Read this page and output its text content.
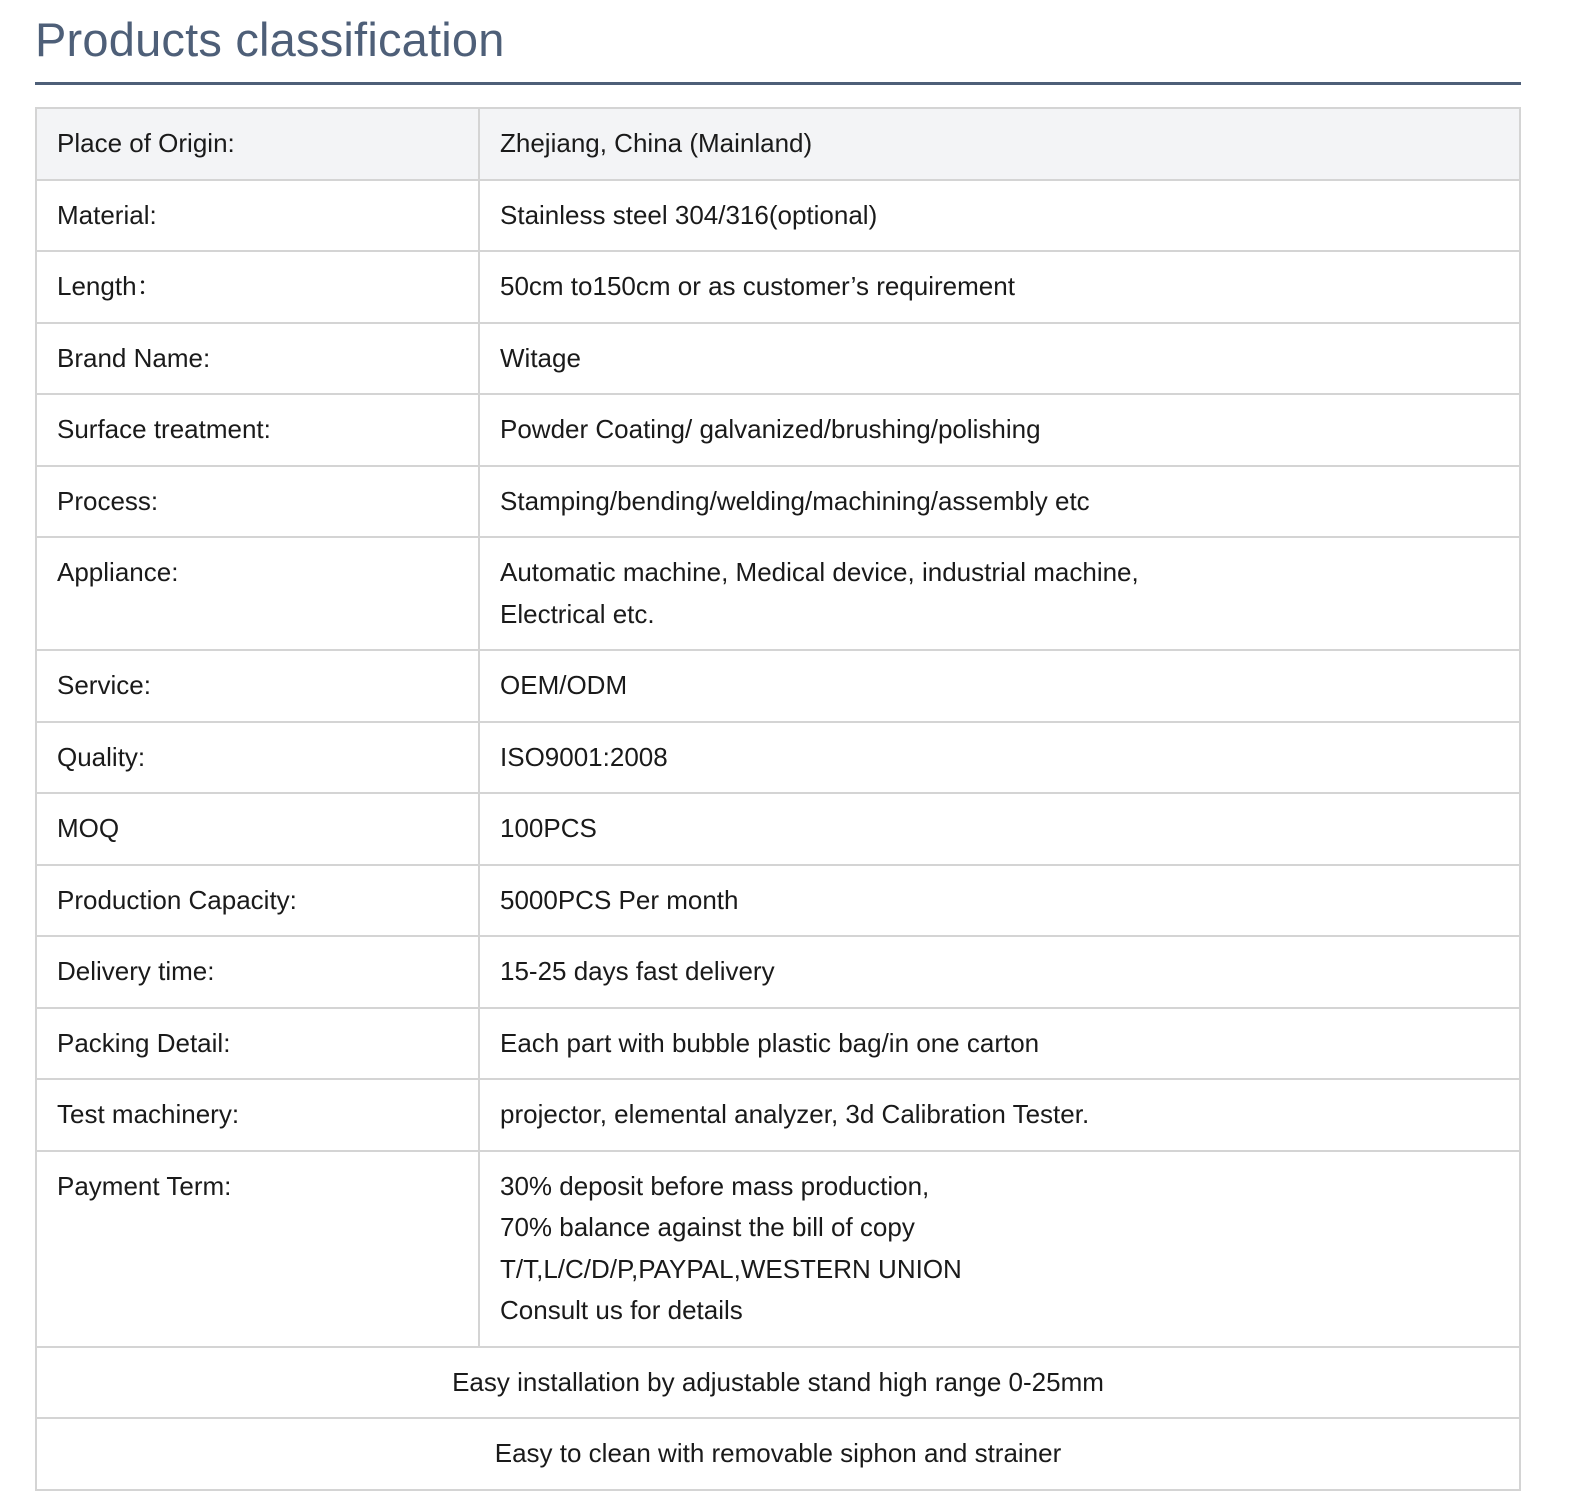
Products classification
Place of Origin:	Zhejiang, China (Mainland)

Material:	Stainless steel 304/316(optional)

Length：	50cm to150cm or as customer’s requirement

Brand Name:	Witage

Surface treatment:	Powder Coating/ galvanized/brushing/polishing

Process:	Stamping/bending/welding/machining/assembly etc

Appliance:	Automatic machine, Medical device, industrial machine,
Electrical etc.

Service:	OEM/ODM

Quality:	ISO9001:2008

MOQ	100PCS

Production Capacity:	5000PCS Per month

Delivery time:	15-25 days fast delivery

Packing Detail:	Each part with bubble plastic bag/in one carton

Test machinery:	projector, elemental analyzer, 3d Calibration Tester.

Payment Term:	30% deposit before mass production,
70% balance against the bill of copy
T/T,L/C/D/P,PAYPAL,WESTERN UNION
Consult us for details

Easy installation by adjustable stand high range 0-25mm	
Easy to clean with removable siphon and strainer	
